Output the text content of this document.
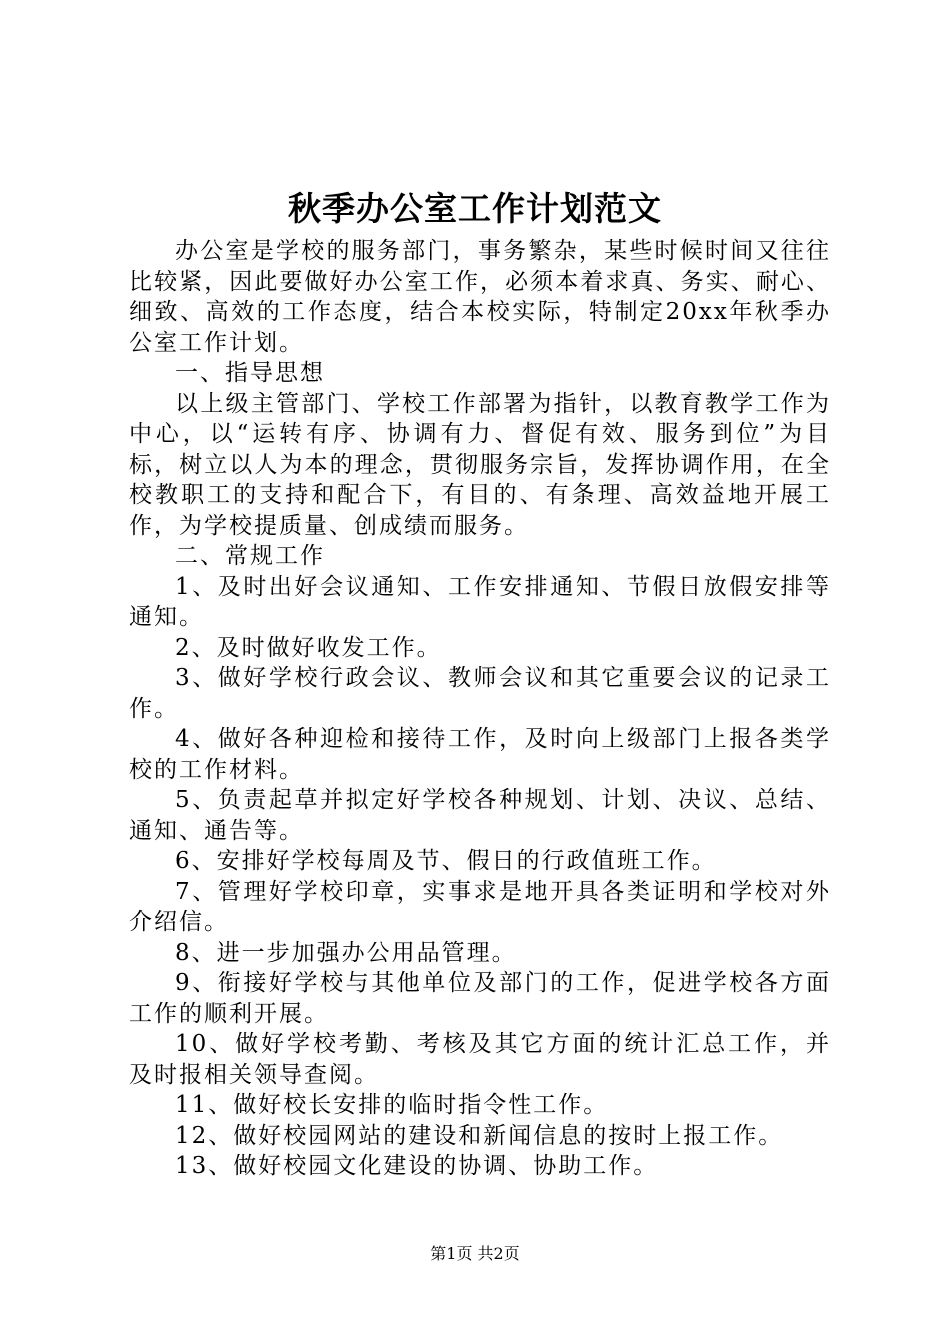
秋季办公室工作计划范文

办公室是学校的服务部门，事务繁杂，某些时候时间又往往比较紧，因此要做好办公室工作，必须本着求真、务实、耐心、细致、高效的工作态度，结合本校实际，特制定20xx年秋季办公室工作计划。

一、指导思想

以上级主管部门、学校工作部署为指针，以教育教学工作为中心，以“运转有序、协调有力、督促有效、服务到位”为目标，树立以人为本的理念，贯彻服务宗旨，发挥协调作用，在全校教职工的支持和配合下，有目的、有条理、高效益地开展工作，为学校提质量、创成绩而服务。

二、常规工作

1、及时出好会议通知、工作安排通知、节假日放假安排等通知。

2、及时做好收发工作。

3、做好学校行政会议、教师会议和其它重要会议的记录工作。

4、做好各种迎检和接待工作，及时向上级部门上报各类学校的工作材料。

5、负责起草并拟定好学校各种规划、计划、决议、总结、通知、通告等。

6、安排好学校每周及节、假日的行政值班工作。

7、管理好学校印章，实事求是地开具各类证明和学校对外介绍信。

8、进一步加强办公用品管理。

9、衔接好学校与其他单位及部门的工作，促进学校各方面工作的顺利开展。

10、做好学校考勤、考核及其它方面的统计汇总工作，并及时报相关领导查阅。

11、做好校长安排的临时指令性工作。

12、做好校园网站的建设和新闻信息的按时上报工作。

13、做好校园文化建设的协调、协助工作。

第1页 共2页
